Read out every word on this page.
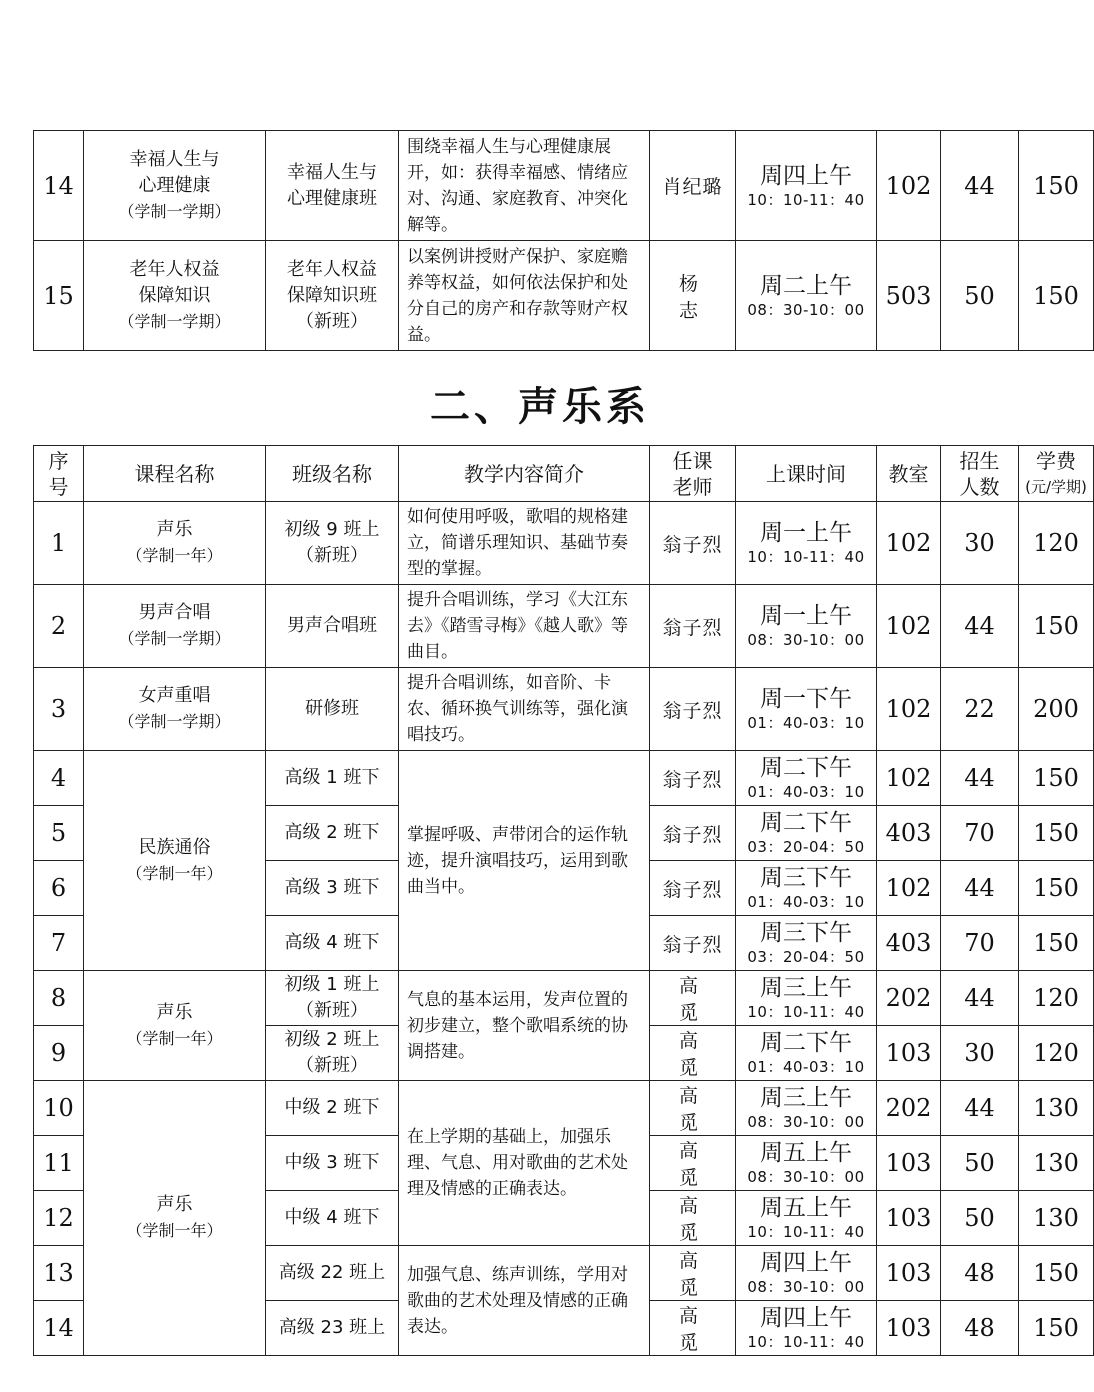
14	幸福人生与
心理健康
（学制一学期）	幸福人生与
心理健康班	围绕幸福人生与心理健康展开，如：获得幸福感、情绪应对、沟通、家庭教育、冲突化解等。	肖纪璐	周四上午
10：10-11：40	102	44	150
15	老年人权益
保障知识
（学制一学期）	老年人权益
保障知识班
（新班）	以案例讲授财产保护、家庭赡养等权益，如何依法保护和处分自己的房产和存款等财产权益。	杨 志	周二上午
08：30-10：00	503	50	150
二、声乐系
序
号	课程名称	班级名称	教学内容简介	任课
老师	上课时间	教室	招生
人数	学费
(元/学期)

1	声乐
（学制一年）	初级 9 班上
（新班）	如何使用呼吸，歌唱的规格建立，简谱乐理知识、基础节奏型的掌握。	翁子烈	周一上午
10：10-11：40	102	30	120
2	男声合唱
（学制一学期）	男声合唱班	提升合唱训练，学习《大江东去》《踏雪寻梅》《越人歌》等曲目。	翁子烈	周一上午
08：30-10：00	102	44	150
3	女声重唱
（学制一学期）	研修班	提升合唱训练，如音阶、卡农、循环换气训练等，强化演唱技巧。	翁子烈	周一下午
01：40-03：10	102	22	200
4	民族通俗
（学制一年）	高级 1 班下	掌握呼吸、声带闭合的运作轨迹，提升演唱技巧，运用到歌曲当中。	翁子烈	周二下午
01：40-03：10	102	44	150
5		高级 2 班下		翁子烈	周二下午
03：20-04：50	403	70	150
6		高级 3 班下		翁子烈	周三下午
01：40-03：10	102	44	150
7		高级 4 班下		翁子烈	周三下午
03：20-04：50	403	70	150
8	声乐
（学制一年）	初级 1 班上
（新班）	气息的基本运用，发声位置的初步建立，整个歌唱系统的协调搭建。	高 觅	周三上午
10：10-11：40	202	44	120
9		初级 2 班上
（新班）		高 觅	周二下午
01：40-03：10	103	30	120
10	声乐
（学制一年）	中级 2 班下	在上学期的基础上，加强乐理、气息、用对歌曲的艺术处理及情感的正确表达。	高 觅	周三上午
08：30-10：00	202	44	130
11		中级 3 班下		高 觅	周五上午
08：30-10：00	103	50	130
12		中级 4 班下		高 觅	周五上午
10：10-11：40	103	50	130
13		高级 22 班上	加强气息、练声训练，学用对歌曲的艺术处理及情感的正确表达。	高 觅	周四上午
08：30-10：00	103	48	150
14		高级 23 班上		高 觅	周四上午
10：10-11：40	103	48	150
